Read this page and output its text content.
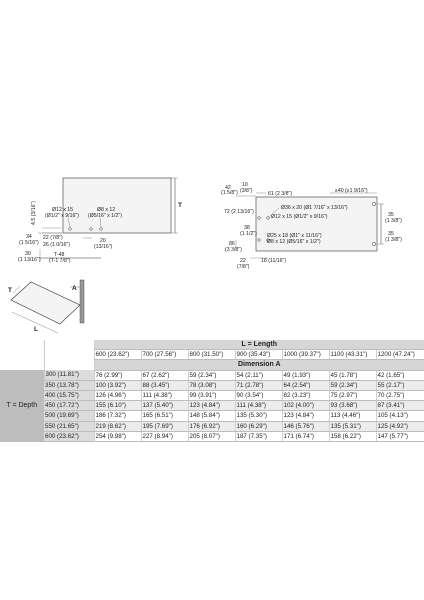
T
4.5 (3/16")
34
(1 5/16")
Ø12 x 15
(Ø1/2" x 9/16")
Ø8 x 12
(Ø5/16" x 1/2")
22 (7/8")
26 (1 0/16")
20
(13/16")
30
(1 13/16")
T-48
(T-1 7/8")
42
(1 5/8")
10
(3/8")	61 (2 3/8")	≥40 (≥1 9/16")
72 (2 13/16")
Ø36 x 20 (Ø1 7/16" x 13/16")
Ø12 x 15 (Ø1/2" x 9/16")
38
(1 1/2")
86
(3 3/8")
Ø25 x 18 (Ø1" x 11/16")
Ø8 x 12 (Ø5/16" x 1/2")
22
(7/8")
18 (11/16")
35
(1 3/8")
35
(1 3/8")
T	A
L
		L = Length						
		600 (23.62")	700 (27.56")	800 (31.50")	900 (35.43")	1000 (39.37")	1100 (43.31")	1200 (47.24")
		Dimension A						
T = Depth	300 (11.81")	76 (2.99")	67 (2.62")	59 (2.34")	54 (2.11")	49 (1.93")	45 (1.78")	42 (1.65")
	350 (13.78")	100 (3.92")	88 (3.45")	78 (3.08")	71 (2.78")	64 (2.54")	59 (2.34")	55 (2.17")
	400 (15.75")	126 (4.96")	111 (4.38")	99 (3.91")	90 (3.54")	82 (3.23")	75 (2.97")	70 (2.75")
	450 (17.72")	155 (6.10")	137 (5.40")	123 (4.84")	111 (4.38")	102 (4.00")	93 (3.68")	87 (3.41")
	500 (19.69")	186 (7.32")	165 (6.51")	148 (5.84")	135 (5.30")	123 (4.84")	113 (4.46")	105 (4.13")
	550 (21.65")	219 (8.62")	195 (7.69")	176 (6.92")	160 (6.29")	146 (5.76")	135 (5.31")	125 (4.92")
	600 (23.62")	254 (9.98")	227 (8.94")	205 (8.07")	187 (7.35")	171 (6.74")	158 (6.22")	147 (5.77")
